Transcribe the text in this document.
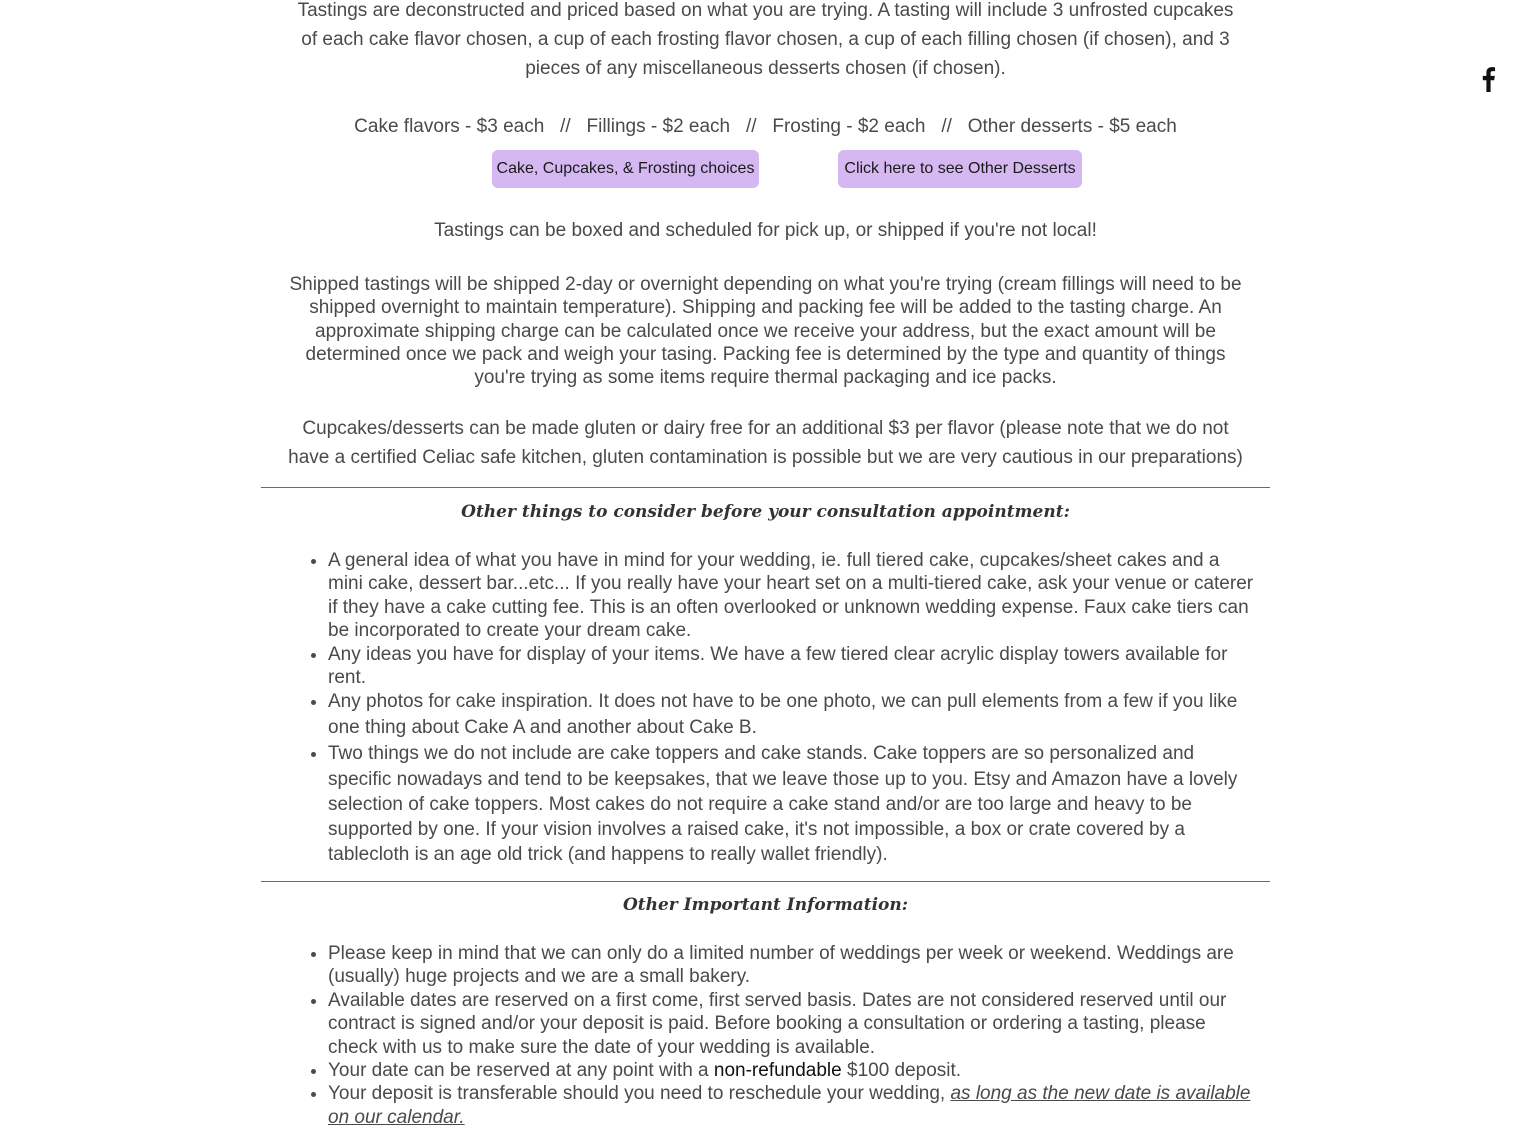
Tastings are deconstructed and priced based on what you are trying. A tasting will include 3 unfrosted cupcakes of each cake flavor chosen, a cup of each frosting flavor chosen, a cup of each filling chosen (if chosen), and 3 pieces of any miscellaneous desserts chosen (if chosen).

Cake flavors - $3 each   //   Fillings - $2 each   //   Frosting - $2 each   //   Other desserts - $5 each

Cake, Cupcakes, & Frosting choices	Click here to see Other Desserts

Tastings can be boxed and scheduled for pick up, or shipped if you're not local!

Shipped tastings will be shipped 2-day or overnight depending on what you're trying (cream fillings will need to be shipped overnight to maintain temperature). Shipping and packing fee will be added to the tasting charge. An approximate shipping charge can be calculated once we receive your address, but the exact amount will be determined once we pack and weigh your tasing. Packing fee is determined by the type and quantity of things you're trying as some items require thermal packaging and ice packs.

Cupcakes/desserts can be made gluten or dairy free for an additional $3 per flavor (please note that we do not have a certified Celiac safe kitchen, gluten contamination is possible but we are very cautious in our preparations)

Other things to consider before your consultation appointment:
• A general idea of what you have in mind for your wedding, ie. full tiered cake, cupcakes/sheet cakes and a mini cake, dessert bar...etc... If you really have your heart set on a multi-tiered cake, ask your venue or caterer if they have a cake cutting fee. This is an often overlooked or unknown wedding expense. Faux cake tiers can be incorporated to create your dream cake.
• Any ideas you have for display of your items. We have a few tiered clear acrylic display towers available for rent.
• Any photos for cake inspiration. It does not have to be one photo, we can pull elements from a few if you like one thing about Cake A and another about Cake B.
• Two things we do not include are cake toppers and cake stands. Cake toppers are so personalized and specific nowadays and tend to be keepsakes, that we leave those up to you. Etsy and Amazon have a lovely selection of cake toppers. Most cakes do not require a cake stand and/or are too large and heavy to be supported by one. If your vision involves a raised cake, it's not impossible, a box or crate covered by a tablecloth is an age old trick (and happens to really wallet friendly).
Other Important Information:
• Please keep in mind that we can only do a limited number of weddings per week or weekend. Weddings are (usually) huge projects and we are a small bakery.
• Available dates are reserved on a first come, first served basis. Dates are not considered reserved until our contract is signed and/or your deposit is paid. Before booking a consultation or ordering a tasting, please check with us to make sure the date of your wedding is available.
• Your date can be reserved at any point with a non-refundable $100 deposit.
• Your deposit is transferable should you need to reschedule your wedding, as long as the new date is available on our calendar.
